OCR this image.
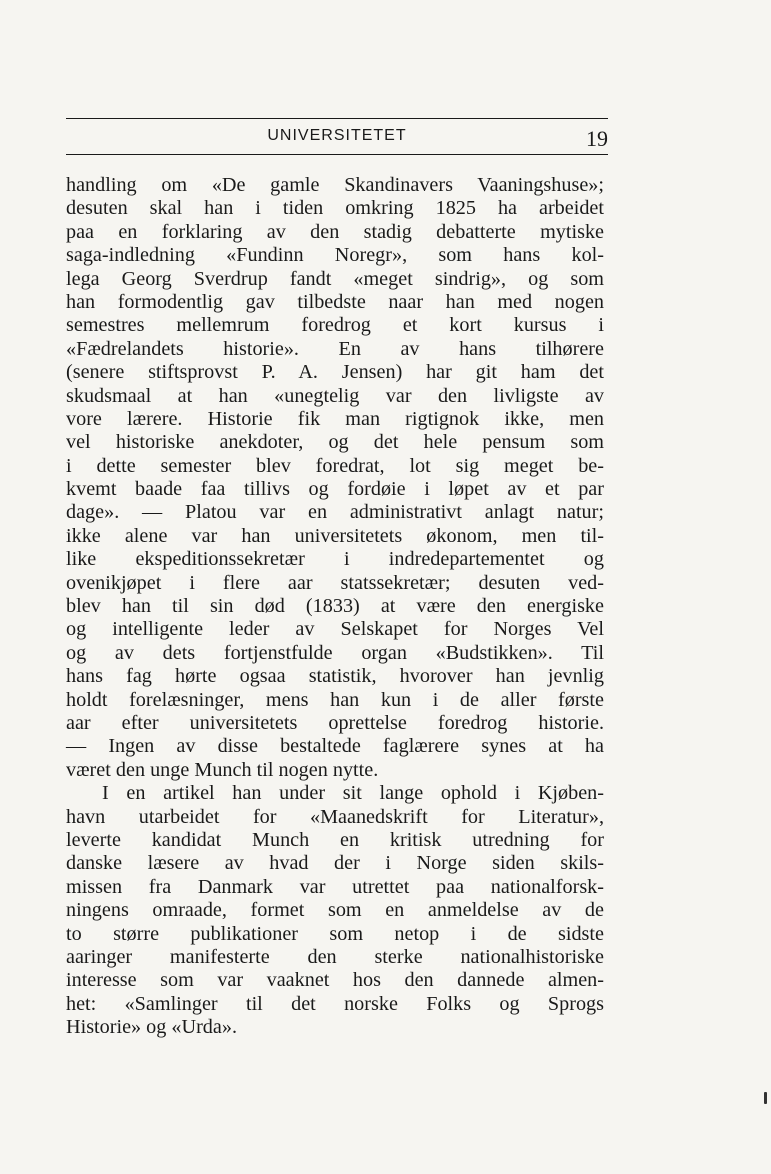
UNIVERSITETET	19
handling om «De gamle Skandinavers Vaaningshuse»;
desuten skal han i tiden omkring 1825 ha arbeidet
paa en forklaring av den stadig debatterte mytiske
saga-indledning «Fundinn Noregr», som hans kol-
lega Georg Sverdrup fandt «meget sindrig», og som
han formodentlig gav tilbedste naar han med nogen
semestres mellemrum foredrog et kort kursus i
«Fædrelandets historie». En av hans tilhørere
(senere stiftsprovst P. A. Jensen) har git ham det
skudsmaal at han «unegtelig var den livligste av
vore lærere. Historie fik man rigtignok ikke, men
vel historiske anekdoter, og det hele pensum som
i dette semester blev foredrat, lot sig meget be-
kvemt baade faa tillivs og fordøie i løpet av et par
dage». — Platou var en administrativt anlagt natur;
ikke alene var han universitetets økonom, men til-
like ekspeditionssekretær i indredepartementet og
ovenikjøpet i flere aar statssekretær; desuten ved-
blev han til sin død (1833) at være den energiske
og intelligente leder av Selskapet for Norges Vel
og av dets fortjenstfulde organ «Budstikken». Til
hans fag hørte ogsaa statistik, hvorover han jevnlig
holdt forelæsninger, mens han kun i de aller første
aar efter universitetets oprettelse foredrog historie.
— Ingen av disse bestaltede faglærere synes at ha
været den unge Munch til nogen nytte.
I en artikel han under sit lange ophold i Kjøben-
havn utarbeidet for «Maanedskrift for Literatur»,
leverte kandidat Munch en kritisk utredning for
danske læsere av hvad der i Norge siden skils-
missen fra Danmark var utrettet paa nationalforsk-
ningens omraade, formet som en anmeldelse av de
to større publikationer som netop i de sidste
aaringer manifesterte den sterke nationalhistoriske
interesse som var vaaknet hos den dannede almen-
het: «Samlinger til det norske Folks og Sprogs
Historie» og «Urda».
